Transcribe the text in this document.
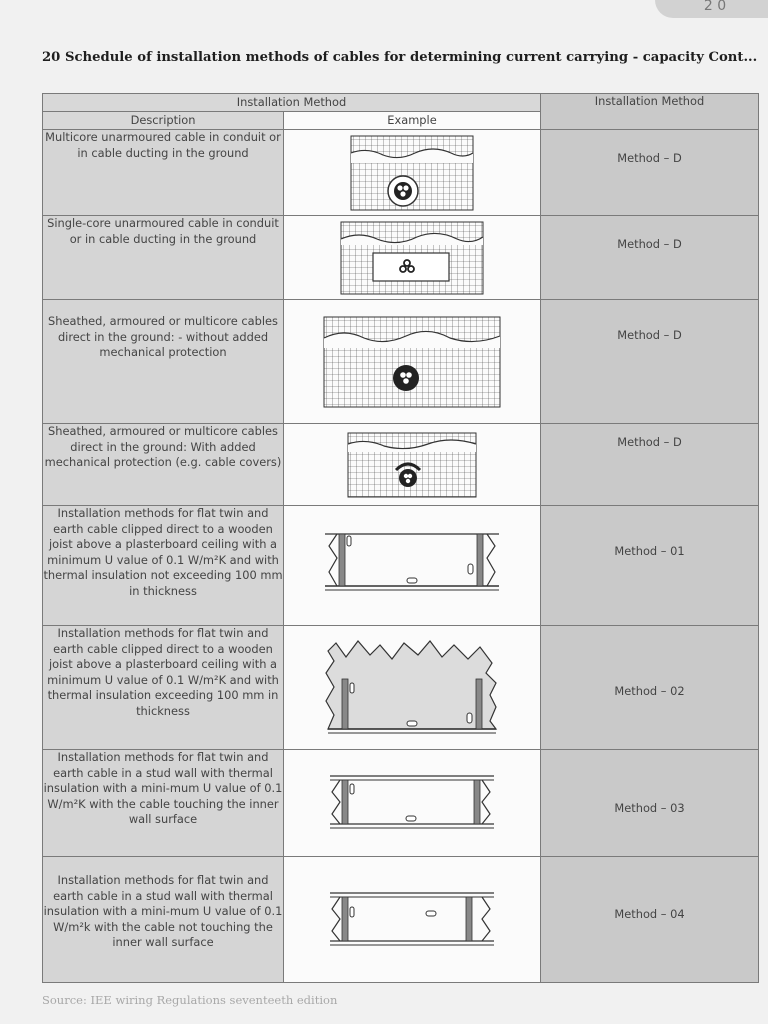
2 0
20 Schedule of installation methods of cables for determining current carrying - capacity Cont...
Installation Method		Installation Method
Description	Example	
Multicore unarmoured cable in conduit or in cable ducting in the ground		Method – D

Single-core unarmoured cable in conduit or in cable ducting in the ground		Method – D

Sheathed, armoured or multicore cables direct in the ground: - without added mechanical protection		Method – D

Sheathed, armoured or multicore cables direct in the ground: With added mechanical protection (e.g. cable covers)		Method – D

Installation methods for flat twin and earth cable clipped direct to a wooden joist above a plasterboard ceiling with a minimum U value of 0.1 W/m²K and with thermal insulation not exceeding 100 mm in thickness		Method – 01

Installation methods for flat twin and earth cable clipped direct to a wooden joist above a plasterboard ceiling with a minimum U value of 0.1 W/m²K and with thermal insulation exceeding 100 mm in thickness		Method – 02

Installation methods for flat twin and earth cable in a stud wall with thermal insulation with a mini-mum U value of 0.1 W/m²K with the cable touching the inner wall surface		Method – 03

Installation methods for flat twin and earth cable in a stud wall with thermal insulation with a mini-mum U value of 0.1 W/m²k with the cable not touching the inner wall surface		Method – 04
Source: IEE wiring Regulations seventeeth edition
